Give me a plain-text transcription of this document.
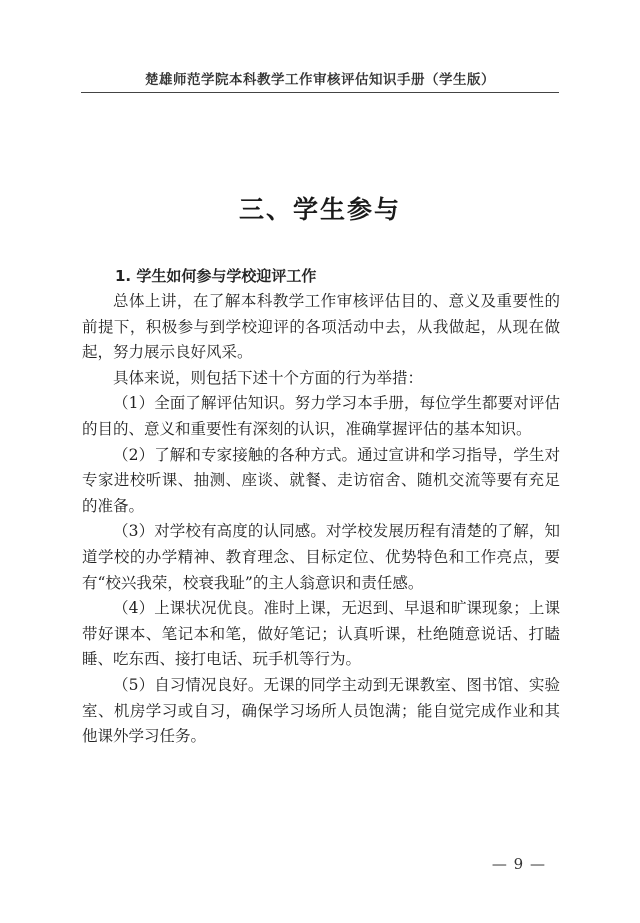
楚雄师范学院本科教学工作审核评估知识手册（学生版）
三、学生参与
1. 学生如何参与学校迎评工作

总体上讲，在了解本科教学工作审核评估目的、意义及重要性的前提下，积极参与到学校迎评的各项活动中去，从我做起，从现在做起，努力展示良好风采。

具体来说，则包括下述十个方面的行为举措：

（1）全面了解评估知识。努力学习本手册，每位学生都要对评估的目的、意义和重要性有深刻的认识，准确掌握评估的基本知识。

（2）了解和专家接触的各种方式。通过宣讲和学习指导，学生对专家进校听课、抽测、座谈、就餐、走访宿舍、随机交流等要有充足的准备。

（3）对学校有高度的认同感。对学校发展历程有清楚的了解，知道学校的办学精神、教育理念、目标定位、优势特色和工作亮点，要有“校兴我荣，校衰我耻”的主人翁意识和责任感。

（4）上课状况优良。准时上课，无迟到、早退和旷课现象；上课带好课本、笔记本和笔，做好笔记；认真听课，杜绝随意说话、打瞌睡、吃东西、接打电话、玩手机等行为。

（5）自习情况良好。无课的同学主动到无课教室、图书馆、实验室、机房学习或自习，确保学习场所人员饱满；能自觉完成作业和其他课外学习任务。

— 9 —
